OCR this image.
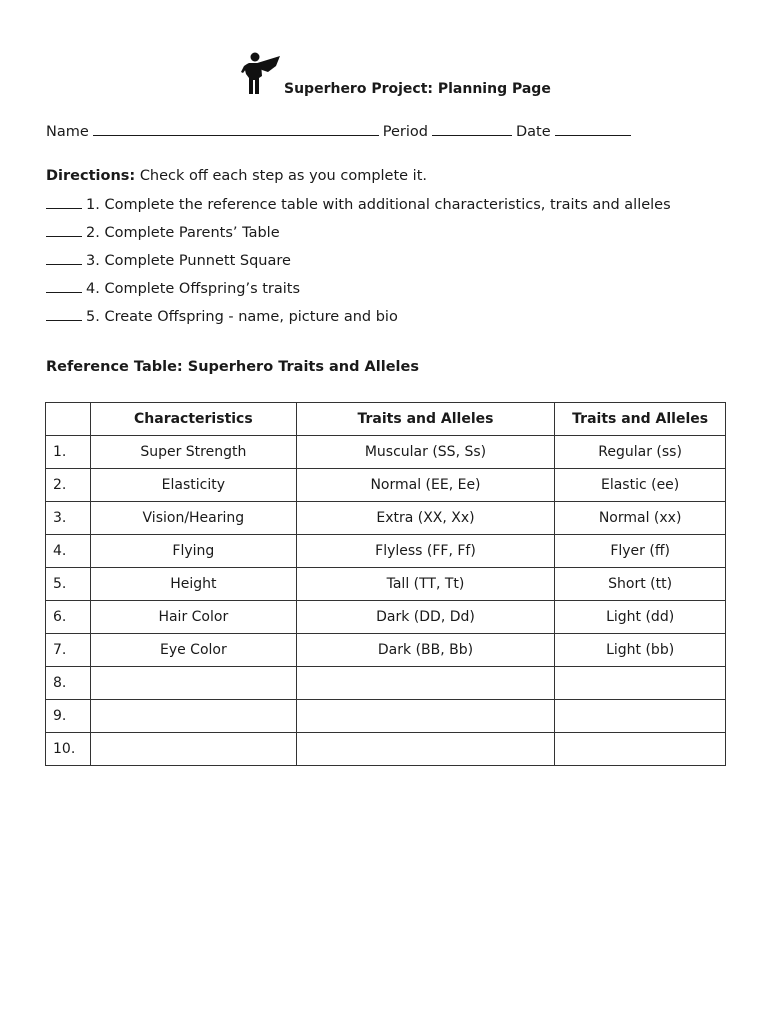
Superhero Project: Planning Page
Name	Period	Date
Directions: Check off each step as you complete it.
1. Complete the reference table with additional characteristics, traits and alleles
2. Complete Parents’ Table
3. Complete Punnett Square
4. Complete Offspring’s traits
5. Create Offspring - name, picture and bio
Reference Table: Superhero Traits and Alleles
	Characteristics	Traits and Alleles	Traits and Alleles
1.	Super Strength	Muscular (SS, Ss)	Regular (ss)
2.	Elasticity	Normal (EE, Ee)	Elastic (ee)
3.	Vision/Hearing	Extra (XX, Xx)	Normal (xx)
4.	Flying	Flyless (FF, Ff)	Flyer (ff)
5.	Height	Tall (TT, Tt)	Short (tt)
6.	Hair Color	Dark (DD, Dd)	Light (dd)
7.	Eye Color	Dark (BB, Bb)	Light (bb)
8.			
9.			
10.			
